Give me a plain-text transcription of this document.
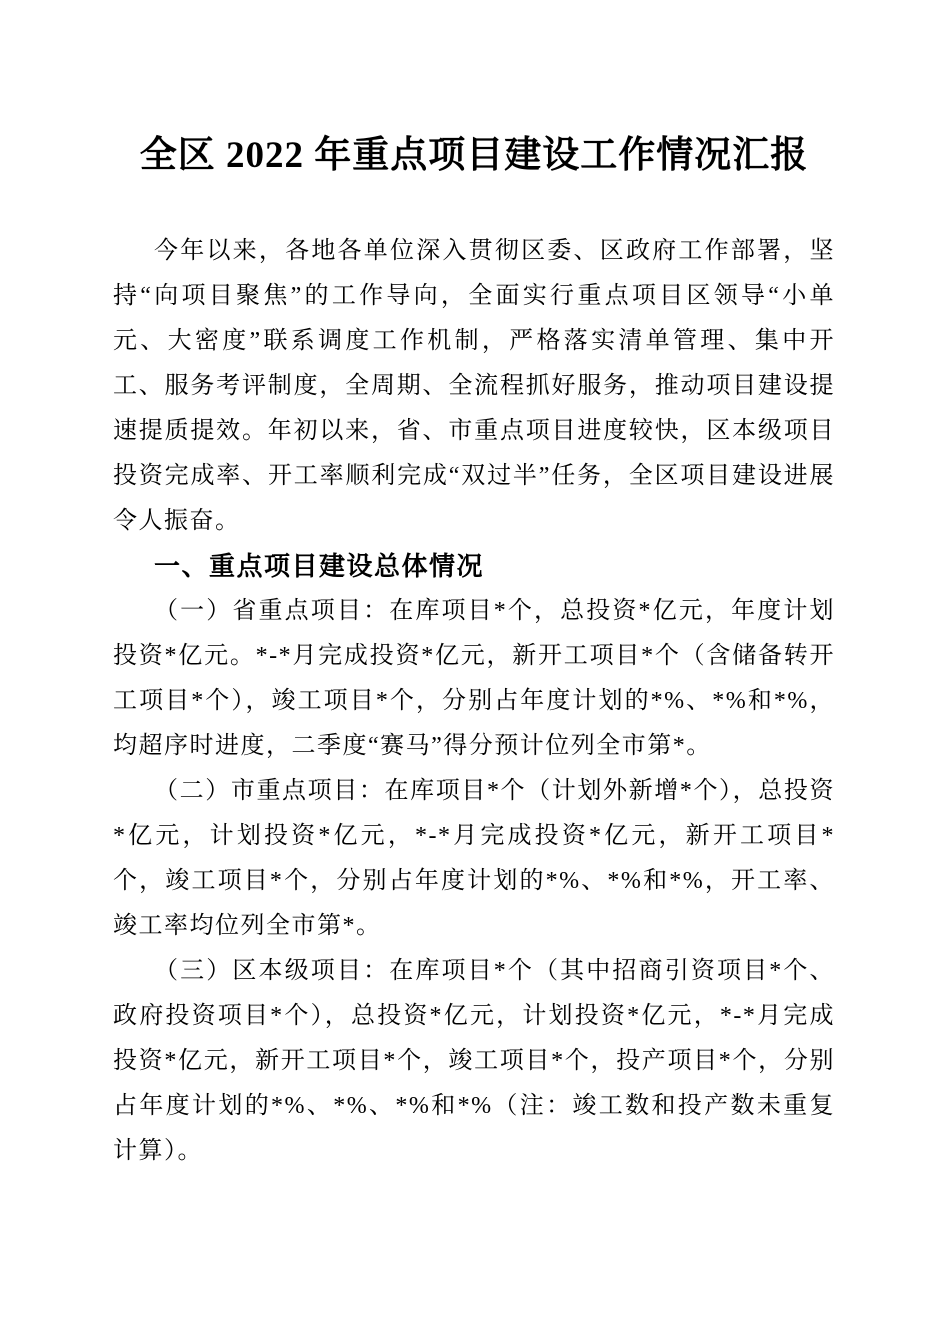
全区 2022 年重点项目建设工作情况汇报

今年以来，各地各单位深入贯彻区委、区政府工作部署，坚持“向项目聚焦”的工作导向，全面实行重点项目区领导“小单元、大密度”联系调度工作机制，严格落实清单管理、集中开工、服务考评制度，全周期、全流程抓好服务，推动项目建设提速提质提效。年初以来，省、市重点项目进度较快，区本级项目投资完成率、开工率顺利完成“双过半”任务，全区项目建设进展令人振奋。

一、重点项目建设总体情况

（一）省重点项目：在库项目*个，总投资*亿元，年度计划投资*亿元。*-*月完成投资*亿元，新开工项目*个（含储备转开工项目*个），竣工项目*个，分别占年度计划的*%、*%和*%，均超序时进度，二季度“赛马”得分预计位列全市第*。

（二）市重点项目：在库项目*个（计划外新增*个），总投资*亿元，计划投资*亿元，*-*月完成投资*亿元，新开工项目*个，竣工项目*个，分别占年度计划的*%、*%和*%，开工率、竣工率均位列全市第*。

（三）区本级项目：在库项目*个（其中招商引资项目*个、政府投资项目*个），总投资*亿元，计划投资*亿元，*-*月完成投资*亿元，新开工项目*个，竣工项目*个，投产项目*个，分别占年度计划的*%、*%、*%和*%（注：竣工数和投产数未重复计算）。
